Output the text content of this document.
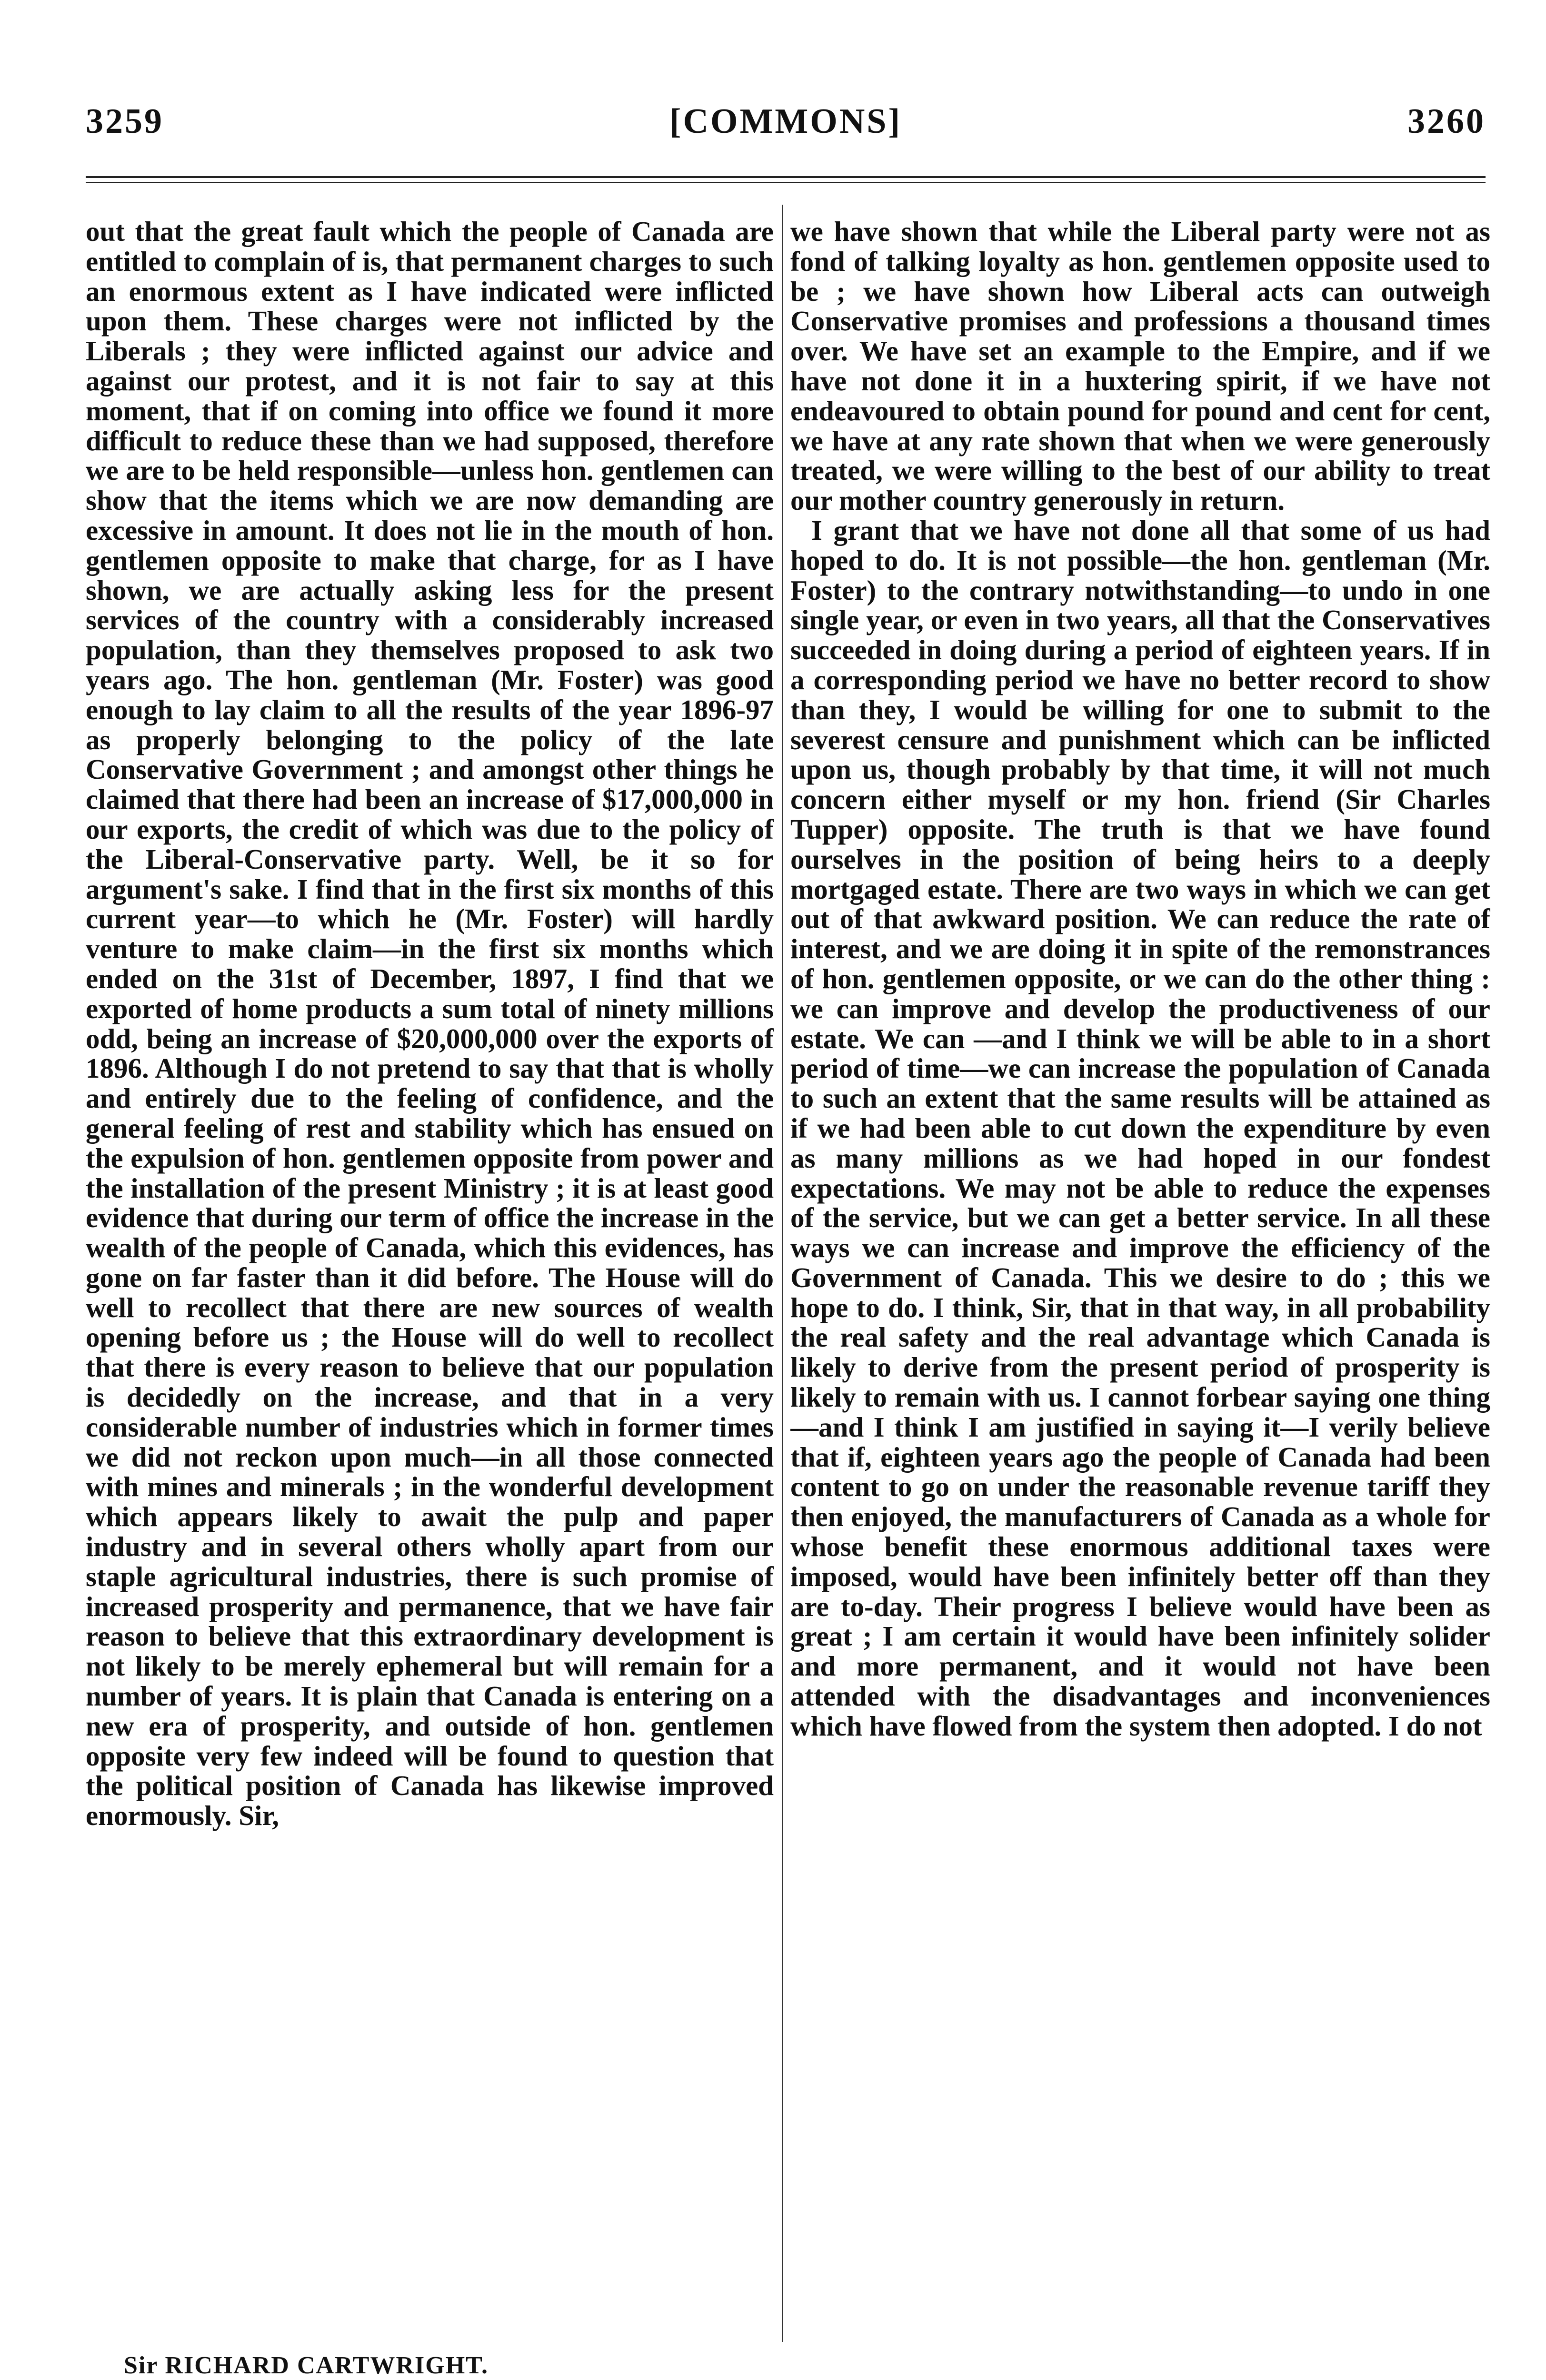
[COMMONS]
3259	3260

out that the great fault which the people of Canada are entitled to complain of is, that permanent charges to such an enormous extent as I have indicated were inflicted upon them. These charges were not inflicted by the Liberals ; they were inflicted against our advice and against our protest, and it is not fair to say at this moment, that if on coming into office we found it more difficult to reduce these than we had supposed, therefore we are to be held responsible—unless hon. gentlemen can show that the items which we are now demanding are excessive in amount. It does not lie in the mouth of hon. gentlemen opposite to make that charge, for as I have shown, we are actually asking less for the present services of the country with a considerably increased population, than they themselves proposed to ask two years ago. The hon. gentleman (Mr. Foster) was good enough to lay claim to all the results of the year 1896-97 as properly belonging to the policy of the late Conservative Government ; and amongst other things he claimed that there had been an increase of $17,000,000 in our exports, the credit of which was due to the policy of the Liberal-Conservative party. Well, be it so for argument's sake. I find that in the first six months of this current year—to which he (Mr. Foster) will hardly venture to make claim—in the first six months which ended on the 31st of December, 1897, I find that we exported of home products a sum total of ninety millions odd, being an increase of $20,000,000 over the exports of 1896. Although I do not pretend to say that that is wholly and entirely due to the feeling of confidence, and the general feeling of rest and stability which has ensued on the expulsion of hon. gentlemen opposite from power and the installation of the present Ministry ; it is at least good evidence that during our term of office the increase in the wealth of the people of Canada, which this evidences, has gone on far faster than it did before. The House will do well to recollect that there are new sources of wealth opening before us ; the House will do well to recollect that there is every reason to believe that our population is decidedly on the increase, and that in a very considerable number of industries which in former times we did not reckon upon much—in all those connected with mines and minerals ; in the wonderful development which appears likely to await the pulp and paper industry and in several others wholly apart from our staple agricultural industries, there is such promise of increased prosperity and permanence, that we have fair reason to believe that this extraordinary development is not likely to be merely ephemeral but will remain for a number of years. It is plain that Canada is entering on a new era of prosperity, and outside of hon. gentlemen opposite very few indeed will be found to question that the political position of Canada has likewise improved enormously. Sir,

we have shown that while the Liberal party were not as fond of talking loyalty as hon. gentlemen opposite used to be ; we have shown how Liberal acts can outweigh Conservative promises and professions a thousand times over. We have set an example to the Empire, and if we have not done it in a huxtering spirit, if we have not endeavoured to obtain pound for pound and cent for cent, we have at any rate shown that when we were generously treated, we were willing to the best of our ability to treat our mother country generously in return.

I grant that we have not done all that some of us had hoped to do. It is not possible—the hon. gentleman (Mr. Foster) to the contrary notwithstanding—to undo in one single year, or even in two years, all that the Conservatives succeeded in doing during a period of eighteen years. If in a corresponding period we have no better record to show than they, I would be willing for one to submit to the severest censure and punishment which can be inflicted upon us, though probably by that time, it will not much concern either myself or my hon. friend (Sir Charles Tupper) opposite. The truth is that we have found ourselves in the position of being heirs to a deeply mortgaged estate. There are two ways in which we can get out of that awkward position. We can reduce the rate of interest, and we are doing it in spite of the remonstrances of hon. gentlemen opposite, or we can do the other thing : we can improve and develop the productiveness of our estate. We can —and I think we will be able to in a short period of time—we can increase the population of Canada to such an extent that the same results will be attained as if we had been able to cut down the expenditure by even as many millions as we had hoped in our fondest expectations. We may not be able to reduce the expenses of the service, but we can get a better service. In all these ways we can increase and improve the efficiency of the Government of Canada. This we desire to do ; this we hope to do. I think, Sir, that in that way, in all probability the real safety and the real advantage which Canada is likely to derive from the present period of prosperity is likely to remain with us. I cannot forbear saying one thing—and I think I am justified in saying it—I verily believe that if, eighteen years ago the people of Canada had been content to go on under the reasonable revenue tariff they then enjoyed, the manufacturers of Canada as a whole for whose benefit these enormous additional taxes were imposed, would have been infinitely better off than they are to-day. Their progress I believe would have been as great ; I am certain it would have been infinitely solider and more permanent, and it would not have been attended with the disadvantages and inconveniences which have flowed from the system then adopted. I do not

Sir RICHARD CARTWRIGHT.
